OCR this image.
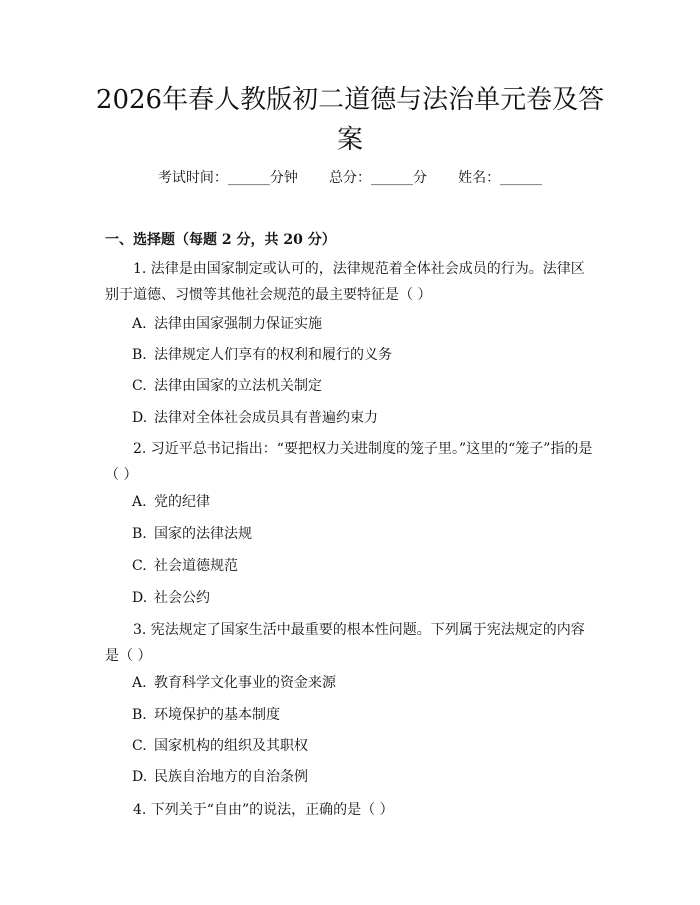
2026年春人教版初二道德与法治单元卷及答案
考试时间：______分钟       总分：______分       姓名：______
一、选择题（每题 2 分，共 20 分）

1. 法律是由国家制定或认可的，法律规范着全体社会成员的行为。法律区别于道德、习惯等其他社会规范的最主要特征是（ ）

A. 法律由国家强制力保证实施

B. 法律规定人们享有的权利和履行的义务

C. 法律由国家的立法机关制定

D. 法律对全体社会成员具有普遍约束力

2. 习近平总书记指出：“要把权力关进制度的笼子里。”这里的“笼子”指的是（ ）

A. 党的纪律

B. 国家的法律法规

C. 社会道德规范

D. 社会公约

3. 宪法规定了国家生活中最重要的根本性问题。下列属于宪法规定的内容是（ ）

A. 教育科学文化事业的资金来源

B. 环境保护的基本制度

C. 国家机构的组织及其职权

D. 民族自治地方的自治条例

4. 下列关于“自由”的说法，正确的是（ ）
